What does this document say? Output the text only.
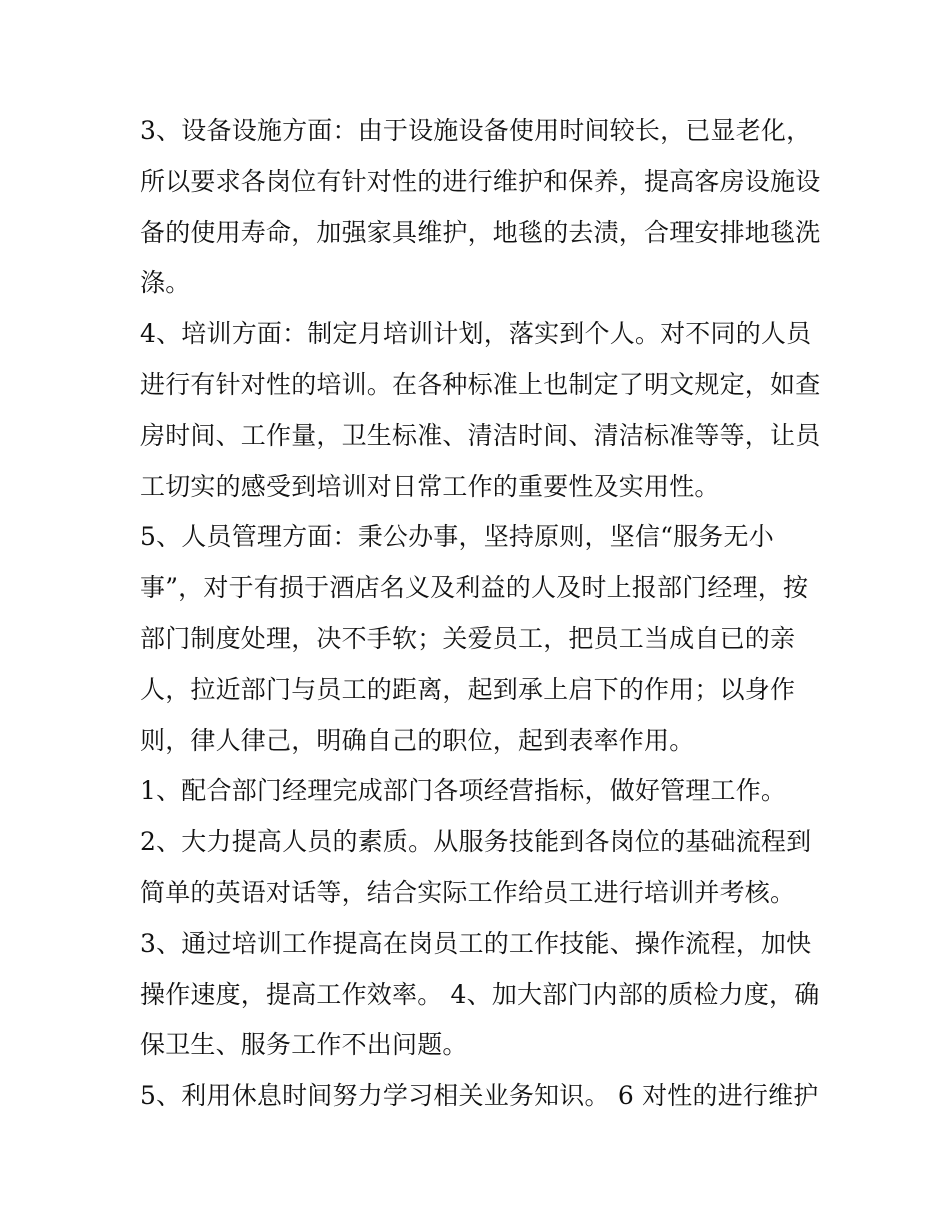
3、设备设施方面：由于设施设备使用时间较长，已显老化，
所以要求各岗位有针对性的进行维护和保养，提高客房设施设
备的使用寿命，加强家具维护，地毯的去渍，合理安排地毯洗
涤。
4、培训方面：制定月培训计划，落实到个人。对不同的人员
进行有针对性的培训。在各种标准上也制定了明文规定，如查
房时间、工作量，卫生标准、清洁时间、清洁标准等等，让员
工切实的感受到培训对日常工作的重要性及实用性。
5、人员管理方面：秉公办事，坚持原则，坚信“服务无小
事”，对于有损于酒店名义及利益的人及时上报部门经理，按
部门制度处理，决不手软；关爱员工，把员工当成自已的亲
人，拉近部门与员工的距离，起到承上启下的作用；以身作
则，律人律己，明确自己的职位，起到表率作用。
1、配合部门经理完成部门各项经营指标，做好管理工作。
2、大力提高人员的素质。从服务技能到各岗位的基础流程到
简单的英语对话等，结合实际工作给员工进行培训并考核。
3、通过培训工作提高在岗员工的工作技能、操作流程，加快
操作速度，提高工作效率。 4、加大部门内部的质检力度，确
保卫生、服务工作不出问题。
5、利用休息时间努力学习相关业务知识。 6 对性的进行维护
